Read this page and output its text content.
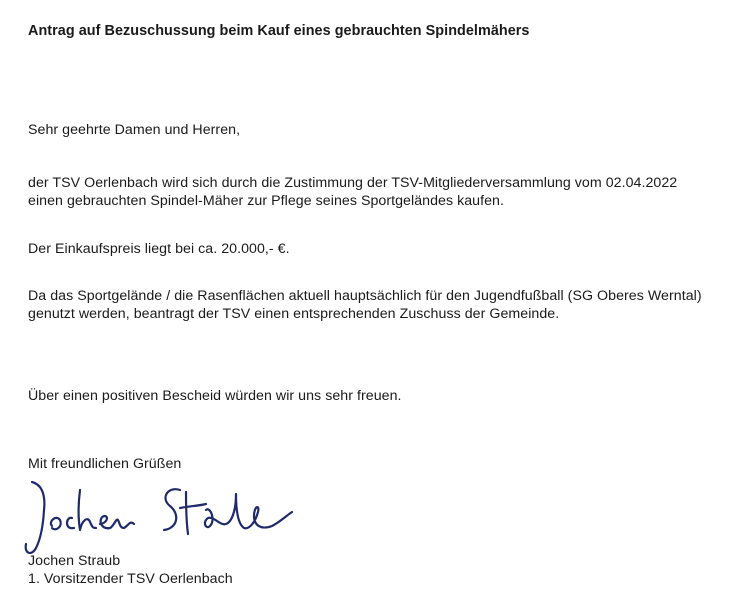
Antrag auf Bezuschussung beim Kauf eines gebrauchten Spindelmähers
Sehr geehrte Damen und Herren,
der TSV Oerlenbach wird sich durch die Zustimmung der TSV-Mitgliederversammlung vom 02.04.2022
einen gebrauchten Spindel-Mäher zur Pflege seines Sportgeländes kaufen.
Der Einkaufspreis liegt bei ca. 20.000,- €.
Da das Sportgelände / die Rasenflächen aktuell hauptsächlich für den Jugendfußball (SG Oberes Werntal)
genutzt werden, beantragt der TSV einen entsprechenden Zuschuss der Gemeinde.
Über einen positiven Bescheid würden wir uns sehr freuen.
Mit freundlichen Grüßen
Jochen Straub
1. Vorsitzender TSV Oerlenbach
